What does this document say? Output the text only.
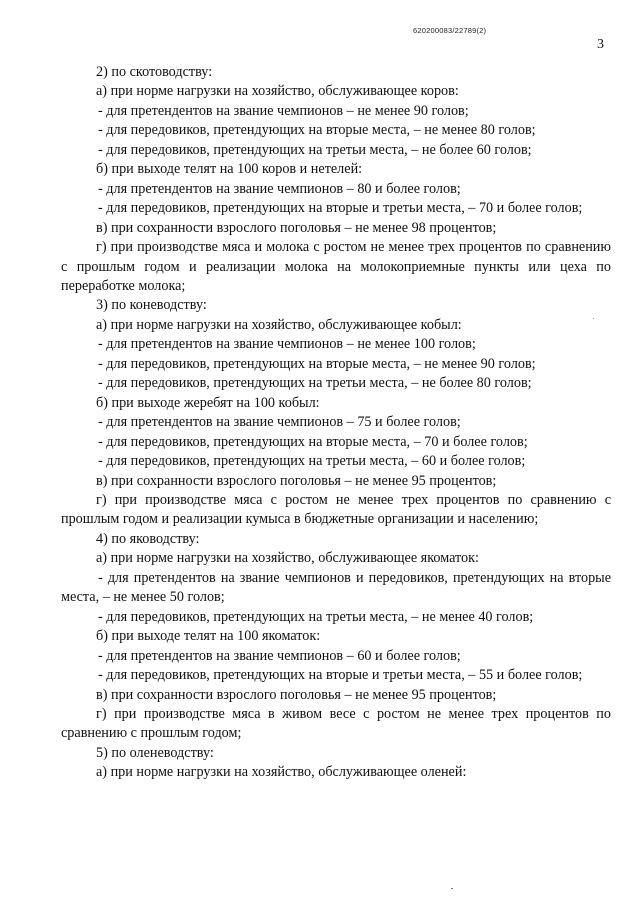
620200083/22789(2)
3

2) по скотоводству:

а) при норме нагрузки на хозяйство, обслуживающее коров:

- для претендентов на звание чемпионов – не менее 90 голов;

- для передовиков, претендующих на вторые места, – не менее 80 голов;

- для передовиков, претендующих на третьи места, – не более 60 голов;

б) при выходе телят на 100 коров и нетелей:

- для претендентов на звание чемпионов – 80 и более голов;

- для передовиков, претендующих на вторые и третьи места, – 70 и более голов;

в) при сохранности взрослого поголовья – не менее 98 процентов;

г) при производстве мяса и молока с ростом не менее трех процентов по сравнению с прошлым годом и реализации молока на молокоприемные пункты или цеха по переработке молока;

3) по коневодству:

а) при норме нагрузки на хозяйство, обслуживающее кобыл:

- для претендентов на звание чемпионов – не менее 100 голов;

- для передовиков, претендующих на вторые места, – не менее 90 голов;

- для передовиков, претендующих на третьи места, – не более 80 голов;

б) при выходе жеребят на 100 кобыл:

- для претендентов на звание чемпионов – 75 и более голов;

- для передовиков, претендующих на вторые места, – 70 и более голов;

- для передовиков, претендующих на третьи места, – 60 и более голов;

в) при сохранности взрослого поголовья – не менее 95 процентов;

г) при производстве мяса с ростом не менее трех процентов по сравнению с прошлым годом и реализации кумыса в бюджетные организации и населению;

4) по яководству:

а) при норме нагрузки на хозяйство, обслуживающее якоматок:

- для претендентов на звание чемпионов и передовиков, претендующих на вторые места, – не менее 50 голов;

- для передовиков, претендующих на третьи места, – не менее 40 голов;

б) при выходе телят на 100 якоматок:

- для претендентов на звание чемпионов – 60 и более голов;

- для передовиков, претендующих на вторые и третьи места, – 55 и более голов;

в) при сохранности взрослого поголовья – не менее 95 процентов;

г) при производстве мяса в живом весе с ростом не менее трех процентов по сравнению с прошлым годом;

5) по оленеводству:

а) при норме нагрузки на хозяйство, обслуживающее оленей:
